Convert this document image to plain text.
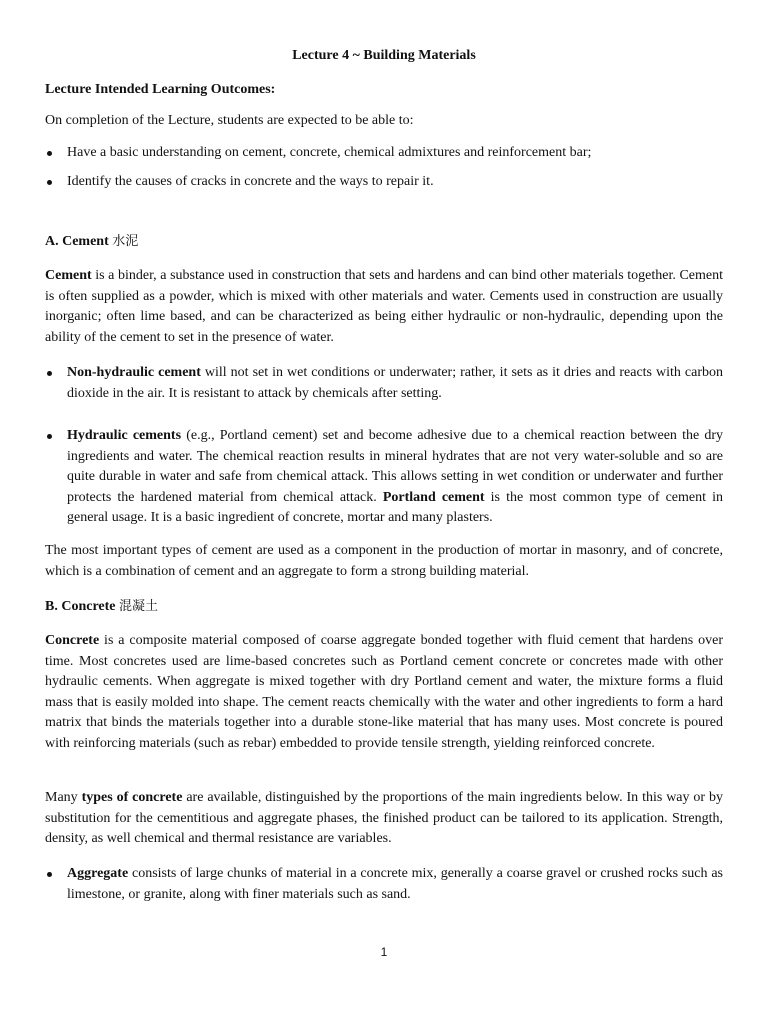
Lecture 4 ~ Building Materials
Lecture Intended Learning Outcomes:
On completion of the Lecture, students are expected to be able to:
Have a basic understanding on cement, concrete, chemical admixtures and reinforcement bar;
Identify the causes of cracks in concrete and the ways to repair it.
A. Cement 水泥

Cement is a binder, a substance used in construction that sets and hardens and can bind other materials together. Cement is often supplied as a powder, which is mixed with other materials and water. Cements used in construction are usually inorganic; often lime based, and can be characterized as being either hydraulic or non-hydraulic, depending upon the ability of the cement to set in the presence of water.

Non-hydraulic cement will not set in wet conditions or underwater; rather, it sets as it dries and reacts with carbon dioxide in the air. It is resistant to attack by chemicals after setting.
Hydraulic cements (e.g., Portland cement) set and become adhesive due to a chemical reaction between the dry ingredients and water. The chemical reaction results in mineral hydrates that are not very water-soluble and so are quite durable in water and safe from chemical attack. This allows setting in wet condition or underwater and further protects the hardened material from chemical attack. Portland cement is the most common type of cement in general usage. It is a basic ingredient of concrete, mortar and many plasters.

The most important types of cement are used as a component in the production of mortar in masonry, and of concrete, which is a combination of cement and an aggregate to form a strong building material.

B. Concrete 混凝土

Concrete is a composite material composed of coarse aggregate bonded together with fluid cement that hardens over time. Most concretes used are lime-based concretes such as Portland cement concrete or concretes made with other hydraulic cements. When aggregate is mixed together with dry Portland cement and water, the mixture forms a fluid mass that is easily molded into shape. The cement reacts chemically with the water and other ingredients to form a hard matrix that binds the materials together into a durable stone-like material that has many uses. Most concrete is poured with reinforcing materials (such as rebar) embedded to provide tensile strength, yielding reinforced concrete.

Many types of concrete are available, distinguished by the proportions of the main ingredients below. In this way or by substitution for the cementitious and aggregate phases, the finished product can be tailored to its application. Strength, density, as well chemical and thermal resistance are variables.

Aggregate consists of large chunks of material in a concrete mix, generally a coarse gravel or crushed rocks such as limestone, or granite, along with finer materials such as sand.
1
